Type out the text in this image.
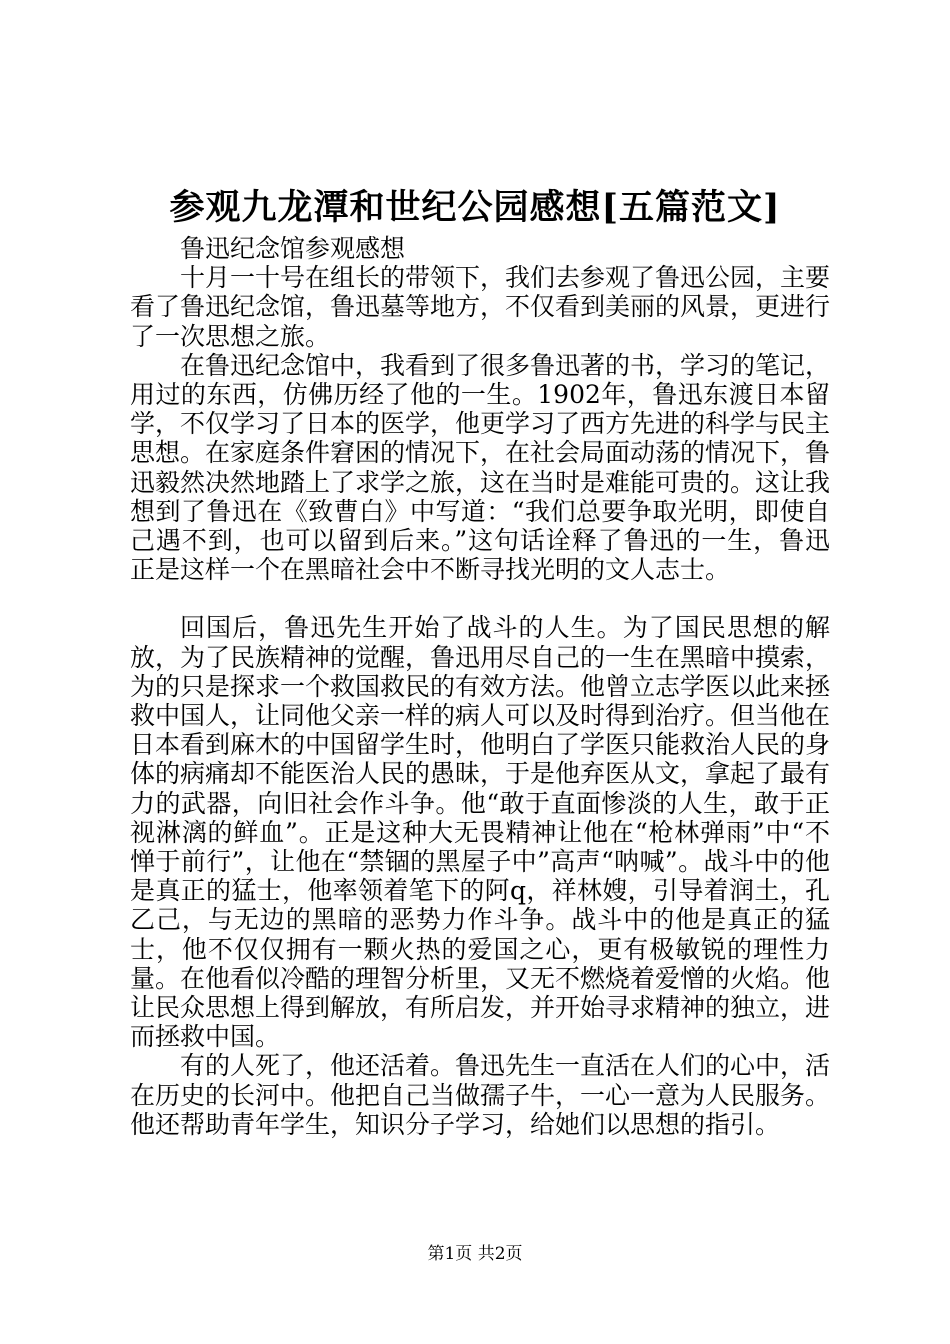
参观九龙潭和世纪公园感想[五篇范文]

鲁迅纪念馆参观感想

十月一十号在组长的带领下，我们去参观了鲁迅公园，主要看了鲁迅纪念馆，鲁迅墓等地方，不仅看到美丽的风景，更进行了一次思想之旅。

在鲁迅纪念馆中，我看到了很多鲁迅著的书，学习的笔记，用过的东西，仿佛历经了他的一生。1902年，鲁迅东渡日本留学，不仅学习了日本的医学，他更学习了西方先进的科学与民主思想。在家庭条件窘困的情况下，在社会局面动荡的情况下，鲁迅毅然决然地踏上了求学之旅，这在当时是难能可贵的。这让我想到了鲁迅在《致曹白》中写道：“我们总要争取光明，即使自己遇不到，也可以留到后来。”这句话诠释了鲁迅的一生，鲁迅正是这样一个在黑暗社会中不断寻找光明的文人志士。

回国后，鲁迅先生开始了战斗的人生。为了国民思想的解放，为了民族精神的觉醒，鲁迅用尽自己的一生在黑暗中摸索，为的只是探求一个救国救民的有效方法。他曾立志学医以此来拯救中国人，让同他父亲一样的病人可以及时得到治疗。但当他在日本看到麻木的中国留学生时，他明白了学医只能救治人民的身体的病痛却不能医治人民的愚昧，于是他弃医从文，拿起了最有力的武器，向旧社会作斗争。他“敢于直面惨淡的人生，敢于正视淋漓的鲜血”。正是这种大无畏精神让他在“枪林弹雨”中“不惮于前行”，让他在“禁锢的黑屋子中”高声“呐喊”。战斗中的他是真正的猛士，他率领着笔下的阿q，祥林嫂，引导着润土，孔乙己，与无边的黑暗的恶势力作斗争。战斗中的他是真正的猛士，他不仅仅拥有一颗火热的爱国之心，更有极敏锐的理性力量。在他看似冷酷的理智分析里，又无不燃烧着爱憎的火焰。他让民众思想上得到解放，有所启发，并开始寻求精神的独立，进而拯救中国。

有的人死了，他还活着。鲁迅先生一直活在人们的心中，活在历史的长河中。他把自己当做孺子牛，一心一意为人民服务。他还帮助青年学生，知识分子学习，给她们以思想的指引。

第1页 共2页
